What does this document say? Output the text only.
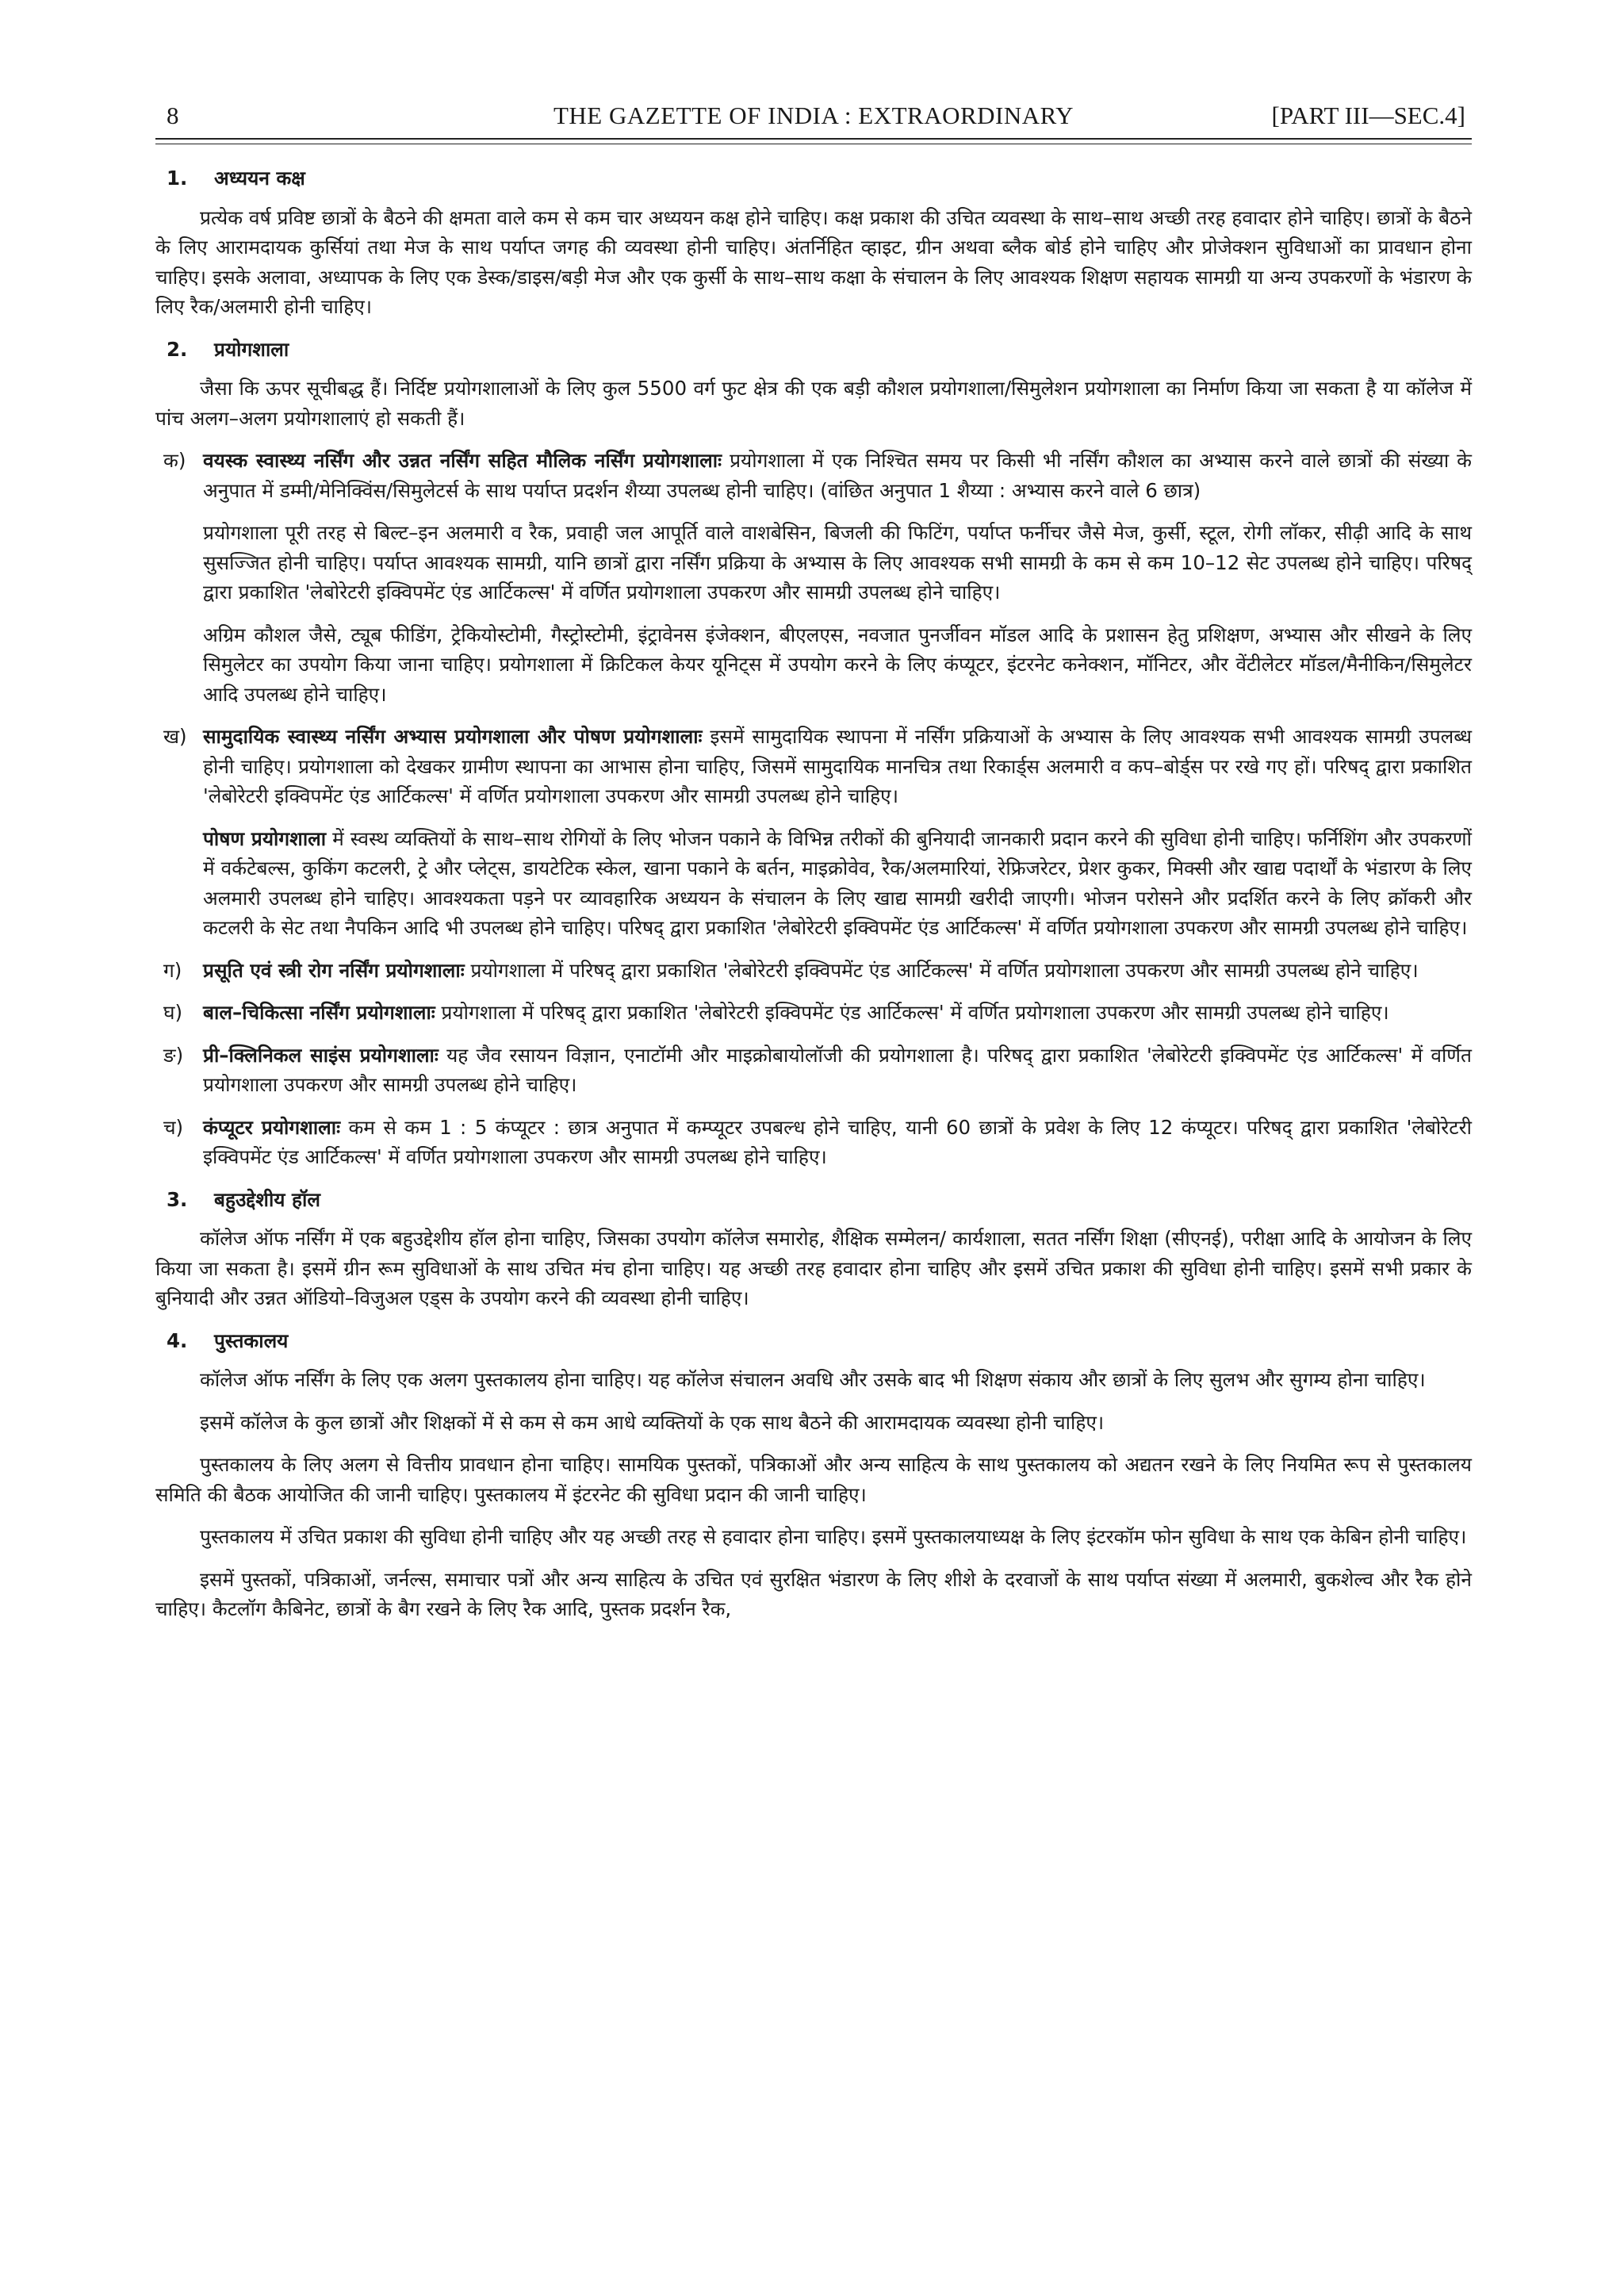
8	THE GAZETTE OF INDIA : EXTRAORDINARY	[PART III—SEC.4]
1. अध्ययन कक्ष

प्रत्येक वर्ष प्रविष्ट छात्रों के बैठने की क्षमता वाले कम से कम चार अध्ययन कक्ष होने चाहिए। कक्ष प्रकाश की उचित व्यवस्था के साथ–साथ अच्छी तरह हवादार होने चाहिए। छात्रों के बैठने के लिए आरामदायक कुर्सियां तथा मेज के साथ पर्याप्त जगह की व्यवस्था होनी चाहिए। अंतर्निहित व्हाइट, ग्रीन अथवा ब्लैक बोर्ड होने चाहिए और प्रोजेक्शन सुविधाओं का प्रावधान होना चाहिए। इसके अलावा, अध्यापक के लिए एक डेस्क/डाइस/बड़ी मेज और एक कुर्सी के साथ–साथ कक्षा के संचालन के लिए आवश्यक शिक्षण सहायक सामग्री या अन्य उपकरणों के भंडारण के लिए रैक/अलमारी होनी चाहिए।

2. प्रयोगशाला

जैसा कि ऊपर सूचीबद्ध हैं। निर्दिष्ट प्रयोगशालाओं के लिए कुल 5500 वर्ग फुट क्षेत्र की एक बड़ी कौशल प्रयोगशाला/सिमुलेशन प्रयोगशाला का निर्माण किया जा सकता है या कॉलेज में पांच अलग–अलग प्रयोगशालाएं हो सकती हैं।

क) वयस्क स्वास्थ्य नर्सिंग और उन्नत नर्सिंग सहित मौलिक नर्सिंग प्रयोगशालाः प्रयोगशाला में एक निश्चित समय पर किसी भी नर्सिंग कौशल का अभ्यास करने वाले छात्रों की संख्या के अनुपात में डम्मी/मेनिक्विंस/सिमुलेटर्स के साथ पर्याप्त प्रदर्शन शैय्या उपलब्ध होनी चाहिए। (वांछित अनुपात 1 शैय्या : अभ्यास करने वाले 6 छात्र)
प्रयोगशाला पूरी तरह से बिल्ट–इन अलमारी व रैक, प्रवाही जल आपूर्ति वाले वाशबेसिन, बिजली की फिटिंग, पर्याप्त फर्नीचर जैसे मेज, कुर्सी, स्टूल, रोगी लॉकर, सीढ़ी आदि के साथ सुसज्जित होनी चाहिए। पर्याप्त आवश्यक सामग्री, यानि छात्रों द्वारा नर्सिंग प्रक्रिया के अभ्यास के लिए आवश्यक सभी सामग्री के कम से कम 10–12 सेट उपलब्ध होने चाहिए। परिषद् द्वारा प्रकाशित 'लेबोरेटरी इक्विपमेंट एंड आर्टिकल्स' में वर्णित प्रयोगशाला उपकरण और सामग्री उपलब्ध होने चाहिए।
अग्रिम कौशल जैसे, ट्यूब फीडिंग, ट्रेकियोस्टोमी, गैस्ट्रोस्टोमी, इंट्रावेनस इंजेक्शन, बीएलएस, नवजात पुनर्जीवन मॉडल आदि के प्रशासन हेतु प्रशिक्षण, अभ्यास और सीखने के लिए सिमुलेटर का उपयोग किया जाना चाहिए। प्रयोगशाला में क्रिटिकल केयर यूनिट्स में उपयोग करने के लिए कंप्यूटर, इंटरनेट कनेक्शन, मॉनिटर, और वेंटीलेटर मॉडल/मैनीकिन/सिमुलेटर आदि उपलब्ध होने चाहिए।
ख) सामुदायिक स्वास्थ्य नर्सिंग अभ्यास प्रयोगशाला और पोषण प्रयोगशालाः इसमें सामुदायिक स्थापना में नर्सिंग प्रक्रियाओं के अभ्यास के लिए आवश्यक सभी आवश्यक सामग्री उपलब्ध होनी चाहिए। प्रयोगशाला को देखकर ग्रामीण स्थापना का आभास होना चाहिए, जिसमें सामुदायिक मानचित्र तथा रिकार्ड्स अलमारी व कप–बोर्ड्स पर रखे गए हों। परिषद् द्वारा प्रकाशित 'लेबोरेटरी इक्विपमेंट एंड आर्टिकल्स' में वर्णित प्रयोगशाला उपकरण और सामग्री उपलब्ध होने चाहिए।
पोषण प्रयोगशाला में स्वस्थ व्यक्तियों के साथ–साथ रोगियों के लिए भोजन पकाने के विभिन्न तरीकों की बुनियादी जानकारी प्रदान करने की सुविधा होनी चाहिए। फर्निशिंग और उपकरणों में वर्कटेबल्स, कुकिंग कटलरी, ट्रे और प्लेट्स, डायटेटिक स्केल, खाना पकाने के बर्तन, माइक्रोवेव, रैक/अलमारियां, रेफ्रिजरेटर, प्रेशर कुकर, मिक्सी और खाद्य पदार्थों के भंडारण के लिए अलमारी उपलब्ध होने चाहिए। आवश्यकता पड़ने पर व्यावहारिक अध्ययन के संचालन के लिए खाद्य सामग्री खरीदी जाएगी। भोजन परोसने और प्रदर्शित करने के लिए क्रॉकरी और कटलरी के सेट तथा नैपकिन आदि भी उपलब्ध होने चाहिए। परिषद् द्वारा प्रकाशित 'लेबोरेटरी इक्विपमेंट एंड आर्टिकल्स' में वर्णित प्रयोगशाला उपकरण और सामग्री उपलब्ध होने चाहिए।
ग)	प्रसूति एवं स्त्री रोग नर्सिंग प्रयोगशालाः प्रयोगशाला में परिषद् द्वारा प्रकाशित 'लेबोरेटरी इक्विपमेंट एंड आर्टिकल्स' में वर्णित प्रयोगशाला उपकरण और सामग्री उपलब्ध होने चाहिए।
घ)	बाल–चिकित्सा नर्सिंग प्रयोगशालाः प्रयोगशाला में परिषद् द्वारा प्रकाशित 'लेबोरेटरी इक्विपमेंट एंड आर्टिकल्स' में वर्णित प्रयोगशाला उपकरण और सामग्री उपलब्ध होने चाहिए।
ङ)	प्री–क्लिनिकल साइंस प्रयोगशालाः यह जैव रसायन विज्ञान, एनाटॉमी और माइक्रोबायोलॉजी की प्रयोगशाला है। परिषद् द्वारा प्रकाशित 'लेबोरेटरी इक्विपमेंट एंड आर्टिकल्स' में वर्णित प्रयोगशाला उपकरण और सामग्री उपलब्ध होने चाहिए।
च)	कंप्यूटर प्रयोगशालाः कम से कम 1 : 5 कंप्यूटर : छात्र अनुपात में कम्प्यूटर उपबल्ध होने चाहिए, यानी 60 छात्रों के प्रवेश के लिए 12 कंप्यूटर। परिषद् द्वारा प्रकाशित 'लेबोरेटरी इक्विपमेंट एंड आर्टिकल्स' में वर्णित प्रयोगशाला उपकरण और सामग्री उपलब्ध होने चाहिए।
3. बहुउद्देशीय हॉल

कॉलेज ऑफ नर्सिंग में एक बहुउद्देशीय हॉल होना चाहिए, जिसका उपयोग कॉलेज समारोह, शैक्षिक सम्मेलन/ कार्यशाला, सतत नर्सिंग शिक्षा (सीएनई), परीक्षा आदि के आयोजन के लिए किया जा सकता है। इसमें ग्रीन रूम सुविधाओं के साथ उचित मंच होना चाहिए। यह अच्छी तरह हवादार होना चाहिए और इसमें उचित प्रकाश की सुविधा होनी चाहिए। इसमें सभी प्रकार के बुनियादी और उन्नत ऑडियो–विजुअल एड्स के उपयोग करने की व्यवस्था होनी चाहिए।

4. पुस्तकालय

कॉलेज ऑफ नर्सिंग के लिए एक अलग पुस्तकालय होना चाहिए। यह कॉलेज संचालन अवधि और उसके बाद भी शिक्षण संकाय और छात्रों के लिए सुलभ और सुगम्य होना चाहिए।

इसमें कॉलेज के कुल छात्रों और शिक्षकों में से कम से कम आधे व्यक्तियों के एक साथ बैठने की आरामदायक व्यवस्था होनी चाहिए।

पुस्तकालय के लिए अलग से वित्तीय प्रावधान होना चाहिए। सामयिक पुस्तकों, पत्रिकाओं और अन्य साहित्य के साथ पुस्तकालय को अद्यतन रखने के लिए नियमित रूप से पुस्तकालय समिति की बैठक आयोजित की जानी चाहिए। पुस्तकालय में इंटरनेट की सुविधा प्रदान की जानी चाहिए।

पुस्तकालय में उचित प्रकाश की सुविधा होनी चाहिए और यह अच्छी तरह से हवादार होना चाहिए। इसमें पुस्तकालयाध्यक्ष के लिए इंटरकॉम फोन सुविधा के साथ एक केबिन होनी चाहिए।

इसमें पुस्तकों, पत्रिकाओं, जर्नल्स, समाचार पत्रों और अन्य साहित्य के उचित एवं सुरक्षित भंडारण के लिए शीशे के दरवाजों के साथ पर्याप्त संख्या में अलमारी, बुकशेल्व और रैक होने चाहिए। कैटलॉग कैबिनेट, छात्रों के बैग रखने के लिए रैक आदि, पुस्तक प्रदर्शन रैक,
